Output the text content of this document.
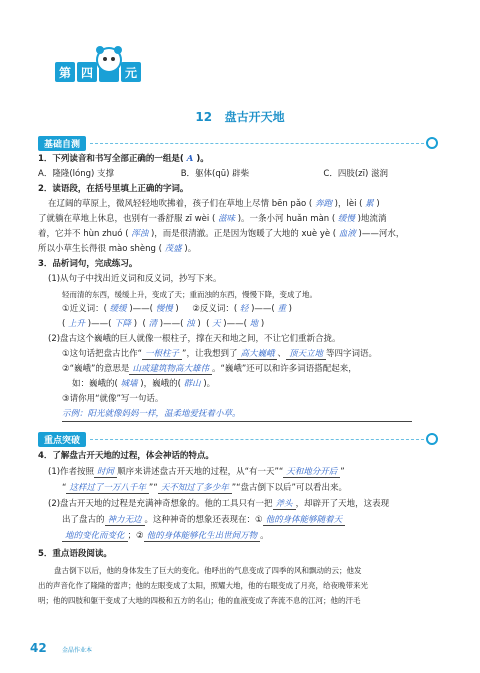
第 四	元
12 盘古开天地
基础自测
1．下列读音和书写全部正确的一组是( A )。
A．隆隆(lóng) 支撑	B．躯体(qū) 辟柴	C．四肢(zī) 滋润
2．读语段，在括号里填上正确的字词。
在辽阔的草原上，微风轻轻地吹拂着，孩子们在草地上尽情 bēn pǎo ( 奔跑 )，lèi ( 累 )
了就躺在草地上休息，也别有一番舒服 zī wèi ( 滋味 )。一条小河 huǎn màn ( 缓慢 )地流淌
着，它并不 hùn zhuó ( 浑浊 )，而是很清澈。正是因为饱暖了大地的 xuè yè ( 血液 )——河水，
所以小草生长得很 mào shèng ( 茂盛 )。
3．品析词句，完成练习。
(1)从句子中找出近义词和反义词，抄写下来。
轻而清的东西，缓缓上升，变成了天；重而浊的东西，慢慢下降，变成了地。
①近义词：( 缓缓 )——( 慢慢 )     ②反义词：( 轻 )——( 重 )
( 上升 )——( 下降 )  ( 清 )——( 浊 )  ( 天 )——( 地 )
(2)盘古这个巍峨的巨人就像一根柱子，撑在天和地之间，不让它们重新合拢。
①这句话把盘古比作“ 一根柱子 ”，让我想到了 高大巍峨 、 顶天立地 等四字词语。
②“巍峨”的意思是 山或建筑物高大雄伟 。“巍峨”还可以和许多词语搭配起来，
如：巍峨的( 城墙 )，巍峨的( 群山 )。
③请你用“就像”写一句话。
示例：阳光就像妈妈一样，温柔地爱抚着小草。
重点突破
4．了解盘古开天地的过程，体会神话的特点。
(1)作者按照 时间 顺序来讲述盘古开天地的过程，从“有一天”“ 天和地分开后 ”
“ 这样过了一万八千年 ”“ 天不知过了多少年 ”“盘古倒下以后”可以看出来。
(2)盘古开天地的过程是充满神奇想象的。他的工具只有一把 斧头 ，却辟开了天地，这表现
出了盘古的 神力无边 。这种神奇的想象还表现在：① 他的身体能够随着天
地的变化而变化 ；② 他的身体能够化生出世间万物 。
5．重点语段阅读。
盘古倒下以后，他的身体发生了巨大的变化。他呼出的气息变成了四季的风和飘动的云；他发
出的声音化作了隆隆的雷声；他的左眼变成了太阳，照耀大地，他的右眼变成了月亮，给夜晚带来光
明；他的四肢和躯干变成了大地的四极和五方的名山；他的血液变成了奔流不息的江河；他的汗毛
42	金晶作业本
